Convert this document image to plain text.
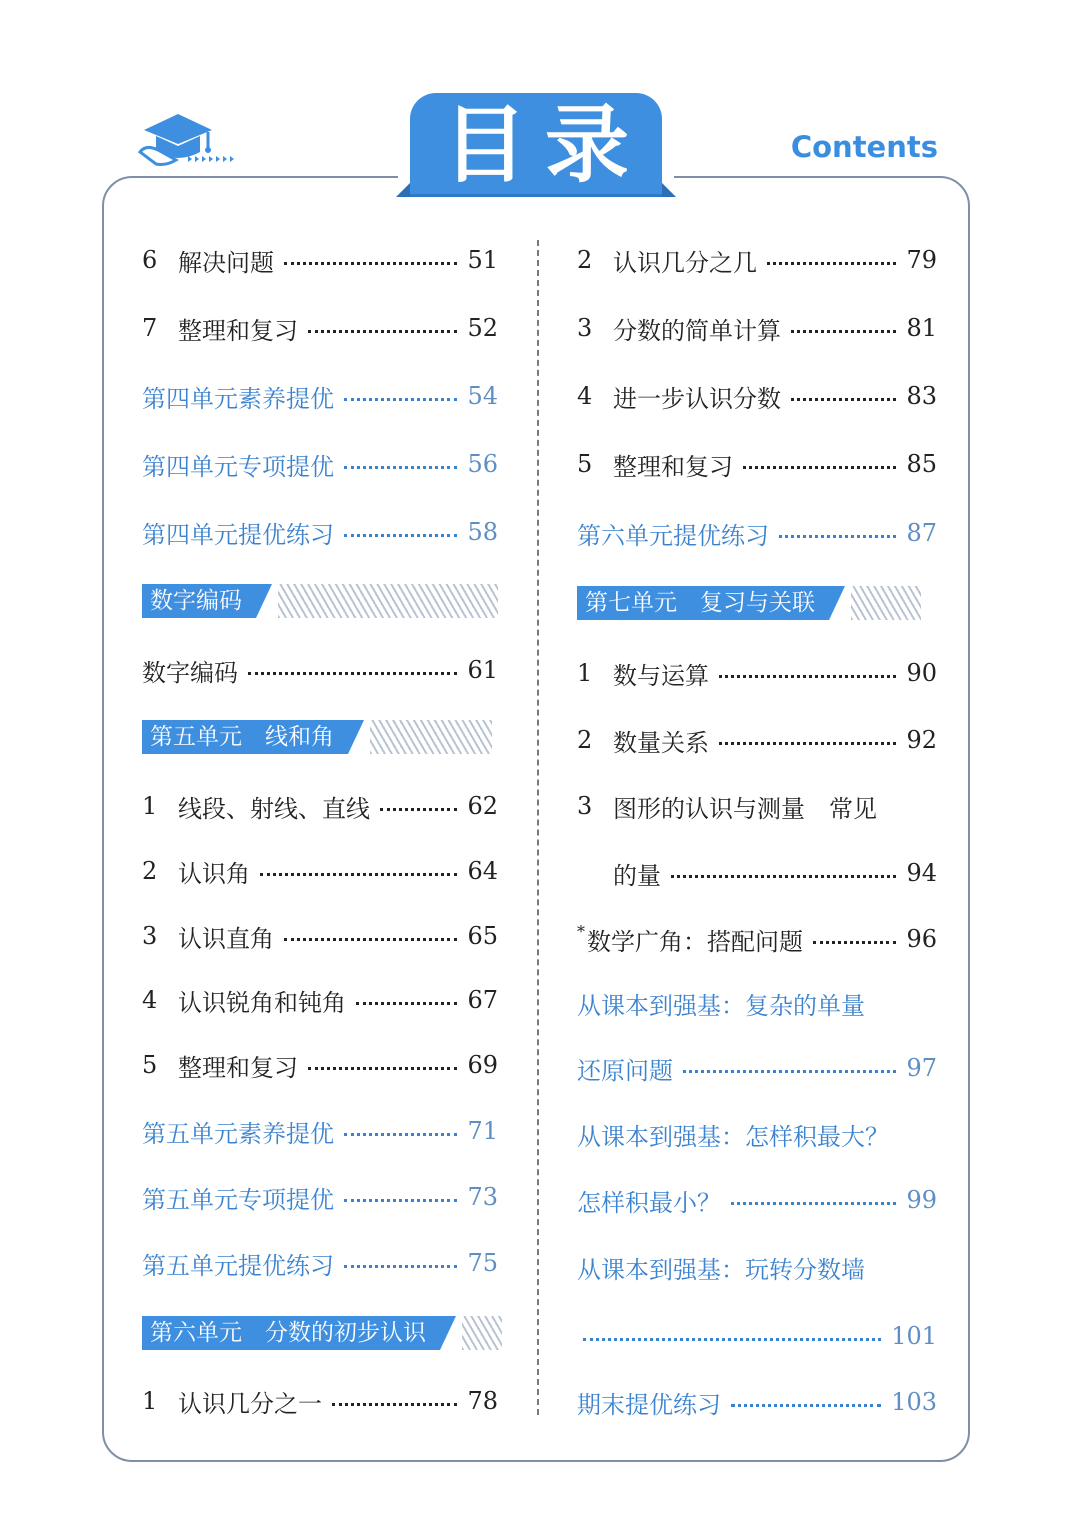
目录	Contents
6 解决问题	51
7 整理和复习	52
第四单元素养提优	54
第四单元专项提优	56
第四单元提优练习	58
数字编码
数字编码	61
第五单元　线和角
1 线段、射线、直线	62
2 认识角	64
3 认识直角	65
4 认识锐角和钝角	67
5 整理和复习	69
第五单元素养提优	71
第五单元专项提优	73
第五单元提优练习	75
第六单元　分数的初步认识
1 认识几分之一	78
2 认识几分之几	79
3 分数的简单计算	81
4 进一步认识分数	83
5 整理和复习	85
第六单元提优练习	87
第七单元　复习与关联
1 数与运算	90
2 数量关系	92
3 图形的认识与测量　常见
的量	94
* 数学广角：搭配问题	96
从课本到强基：复杂的单量
还原问题	97
从课本到强基：怎样积最大？
怎样积最小？	99
从课本到强基：玩转分数墙
101
期末提优练习	103
